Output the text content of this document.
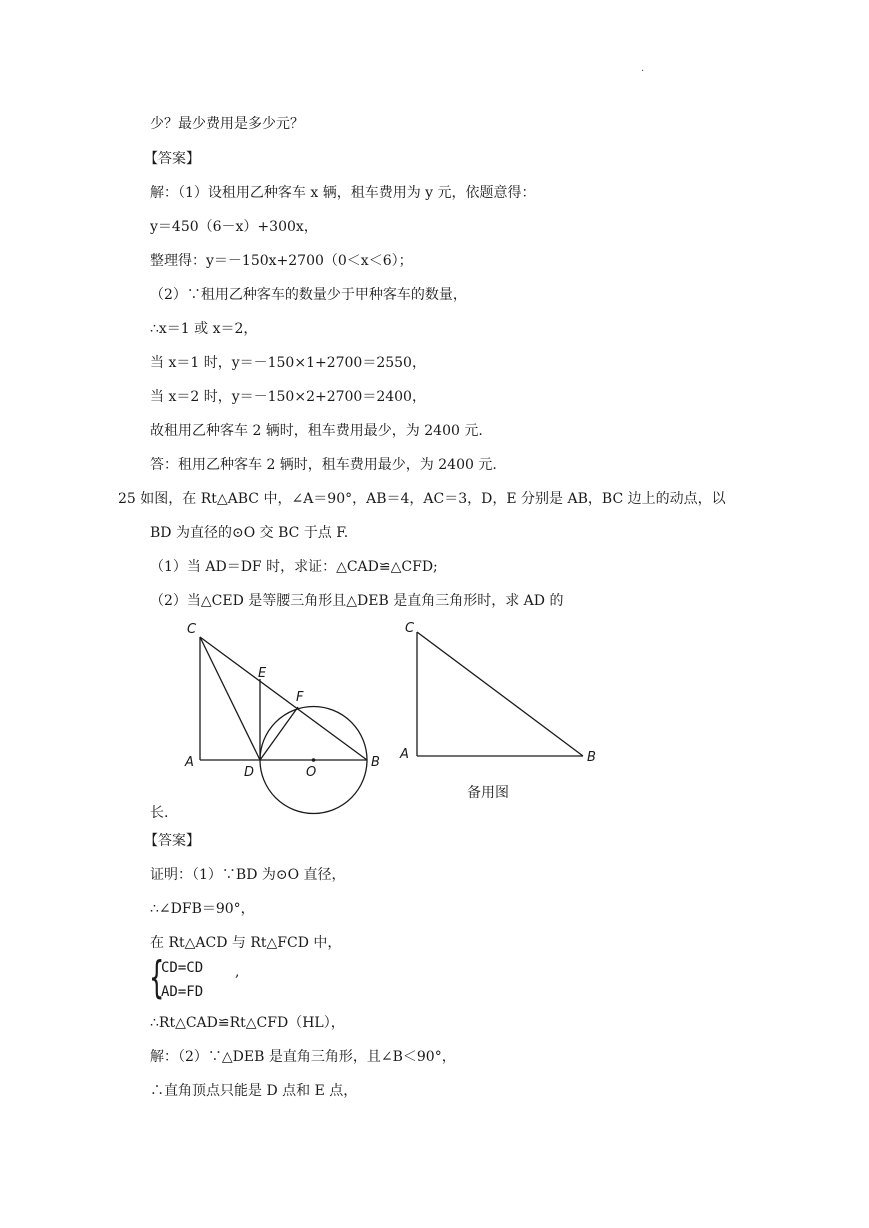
·
少？最少费用是多少元？
【答案】
解：（1）设租用乙种客车 x 辆，租车费用为 y 元，依题意得：
y＝450（6－x）+300x，
整理得：y＝－150x+2700（0＜x＜6）；
（2）∵租用乙种客车的数量少于甲种客车的数量，
∴x＝1 或 x＝2，
当 x＝1 时，y＝－150×1+2700＝2550，
当 x＝2 时，y＝－150×2+2700＝2400，
故租用乙种客车 2 辆时，租车费用最少，为 2400 元.
答：租用乙种客车 2 辆时，租车费用最少，为 2400 元.
25 如图，在 Rt△ABC 中，∠A＝90°，AB＝4，AC＝3，D，E 分别是 AB，BC 边上的动点，以
BD 为直径的⊙O 交 BC 于点 F.
（1）当 AD＝DF 时，求证：△CAD≌△CFD;
（2）当△CED 是等腰三角形且△DEB 是直角三角形时，求 AD 的
长.
【答案】
证明：（1）∵BD 为⊙O 直径，
∴∠DFB＝90°，
在 Rt△ACD 与 Rt△FCD 中，
∴Rt△CAD≌Rt△CFD（HL），
解：（2）∵△DEB 是直角三角形，且∠B＜90°，
∴直角顶点只能是 D 点和 E 点，
C
E
F
A
D	O
B
C
A	B
备用图
{
CD=CD
AD=FD
,
